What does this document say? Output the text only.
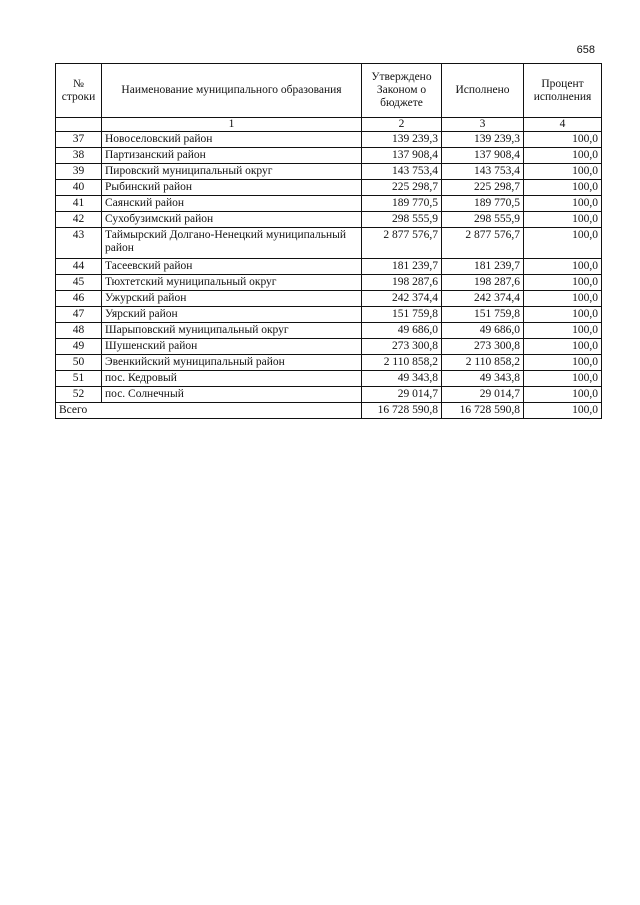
658
№ строки	Наименование муниципального образования	Утверждено Законом о бюджете	Исполнено	Процент исполнения
	1	2	3	4
37	Новоселовский район	139 239,3	139 239,3	100,0
38	Партизанский район	137 908,4	137 908,4	100,0
39	Пировский муниципальный округ	143 753,4	143 753,4	100,0
40	Рыбинский район	225 298,7	225 298,7	100,0
41	Саянский район	189 770,5	189 770,5	100,0
42	Сухобузимский район	298 555,9	298 555,9	100,0
43	Таймырский Долгано-Ненецкий муниципальный район	2 877 576,7	2 877 576,7	100,0
44	Тасеевский район	181 239,7	181 239,7	100,0
45	Тюхтетский муниципальный округ	198 287,6	198 287,6	100,0
46	Ужурский район	242 374,4	242 374,4	100,0
47	Уярский район	151 759,8	151 759,8	100,0
48	Шарыповский муниципальный округ	49 686,0	49 686,0	100,0
49	Шушенский район	273 300,8	273 300,8	100,0
50	Эвенкийский муниципальный район	2 110 858,2	2 110 858,2	100,0
51	пос. Кедровый	49 343,8	49 343,8	100,0
52	пос. Солнечный	29 014,7	29 014,7	100,0
Всего		16 728 590,8	16 728 590,8	100,0
